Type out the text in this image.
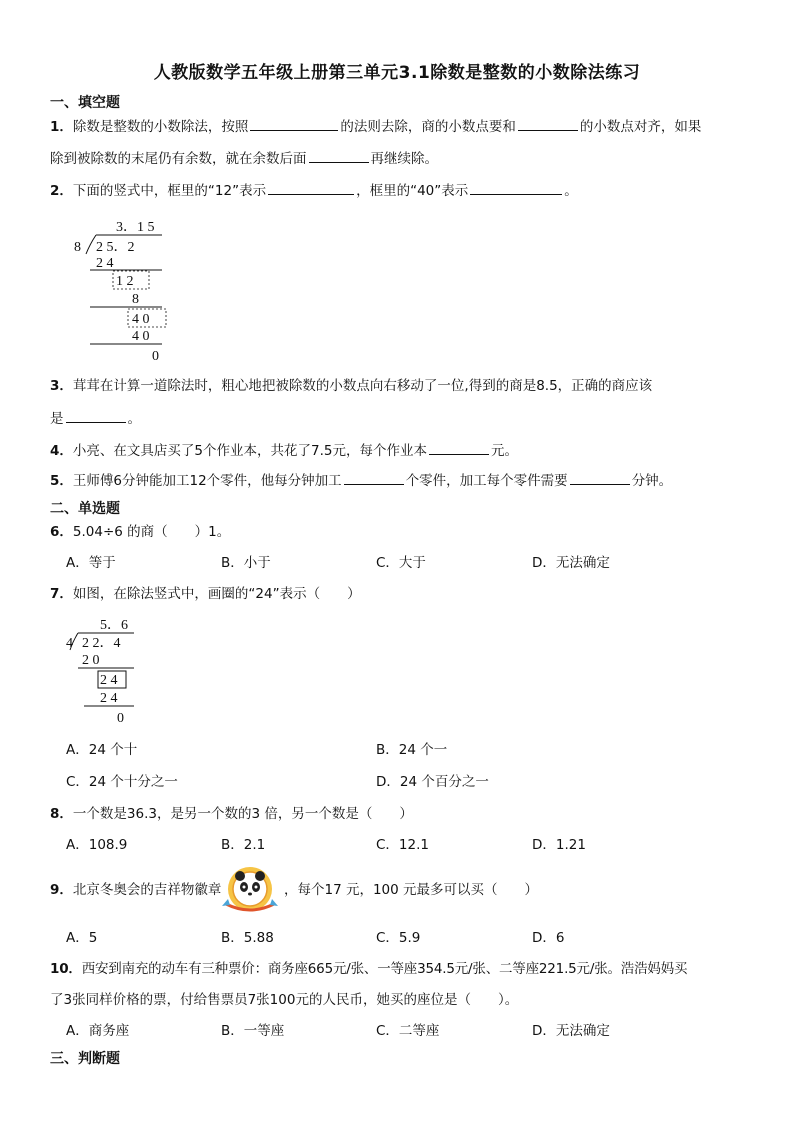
人教版数学五年级上册第三单元3.1除数是整数的小数除法练习
一、填空题
1．除数是整数的小数除法，按照	的法则去除，商的小数点要和	的小数点对齐，如果
除到被除数的末尾仍有余数，就在余数后面	再继续除。
2．下面的竖式中，框里的“12”表示	，框里的“40”表示	。
3．1 5
8 2 5．2
2 4
1 2
8
4 0
4 0
0
3．茸茸在计算一道除法时，粗心地把被除数的小数点向右移动了一位,得到的商是8.5，正确的商应该
是	。
4．小亮、在文具店买了5个作业本，共花了7.5元，每个作业本	元。
5．王师傅6分钟能加工12个零件，他每分钟加工	个零件，加工每个零件需要	分钟。
二、单选题
6．5.04÷6 的商（　　）1。
A．等于	B．小于	C．大于	D．无法确定
7．如图，在除法竖式中，画圈的“24”表示（　　）
5．6
4 2 2．4
2 0
2 4
2 4
0
A．24 个十	B．24 个一
C．24 个十分之一	D．24 个百分之一
8．一个数是36.3，是另一个数的3 倍，另一个数是（　　）
A．108.9	B．2.1	C．12.1	D．1.21
9．北京冬奥会的吉祥物徽章	，每个17 元，100 元最多可以买（　　）
A．5	B．5.88	C．5.9	D．6
10．西安到南充的动车有三种票价：商务座665元/张、一等座354.5元/张、二等座221.5元/张。浩浩妈妈买
了3张同样价格的票，付给售票员7张100元的人民币，她买的座位是（　　）。
A．商务座	B．一等座	C．二等座	D．无法确定
三、判断题
